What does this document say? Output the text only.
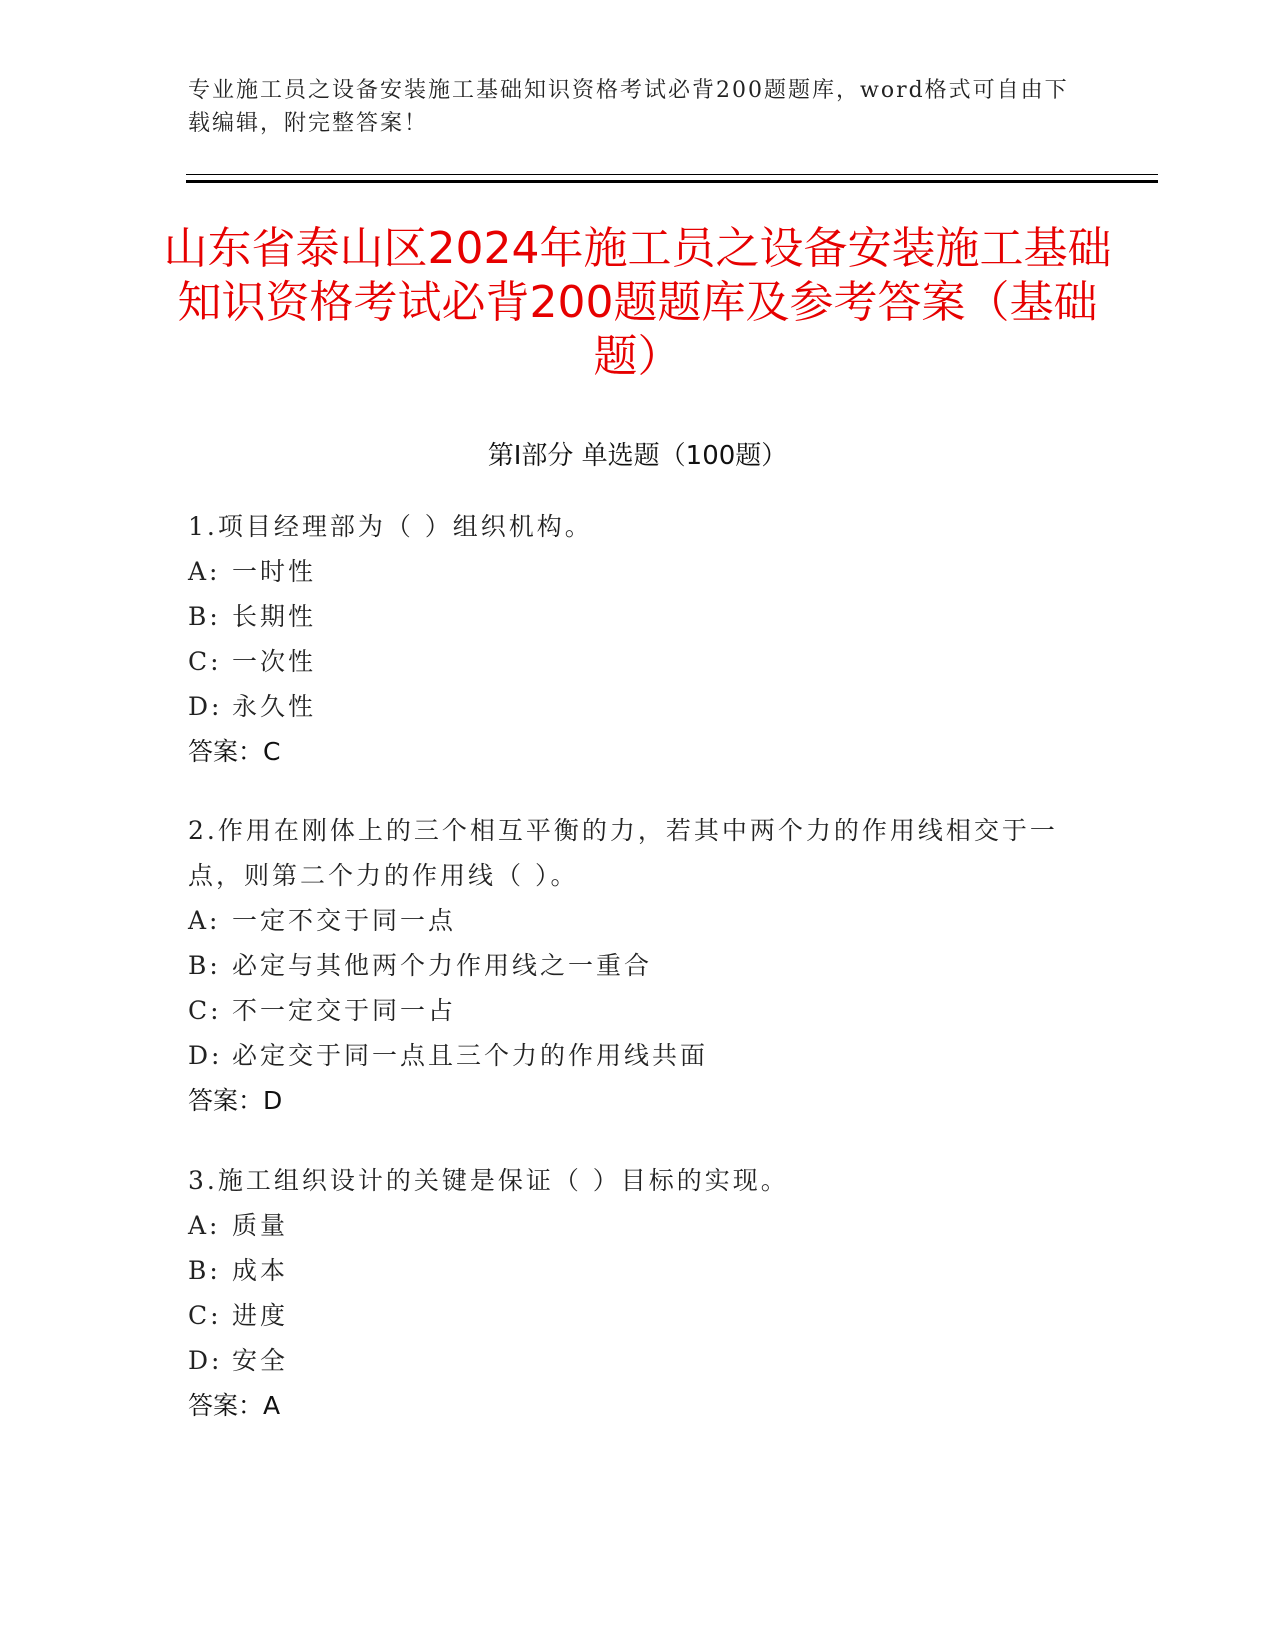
专业施工员之设备安装施工基础知识资格考试必背200题题库，word格式可自由下载编辑，附完整答案！
山东省泰山区2024年施工员之设备安装施工基础知识资格考试必背200题题库及参考答案（基础题）
第Ⅰ部分 单选题（100题）
1.项目经理部为（ ）组织机构。
A: 一时性
B: 长期性
C: 一次性
D: 永久性
答案：C
2.作用在刚体上的三个相互平衡的力，若其中两个力的作用线相交于一点，则第二个力的作用线（ ）。
A: 一定不交于同一点
B: 必定与其他两个力作用线之一重合
C: 不一定交于同一占
D: 必定交于同一点且三个力的作用线共面
答案：D
3.施工组织设计的关键是保证（ ）目标的实现。
A: 质量
B: 成本
C: 进度
D: 安全
答案：A
